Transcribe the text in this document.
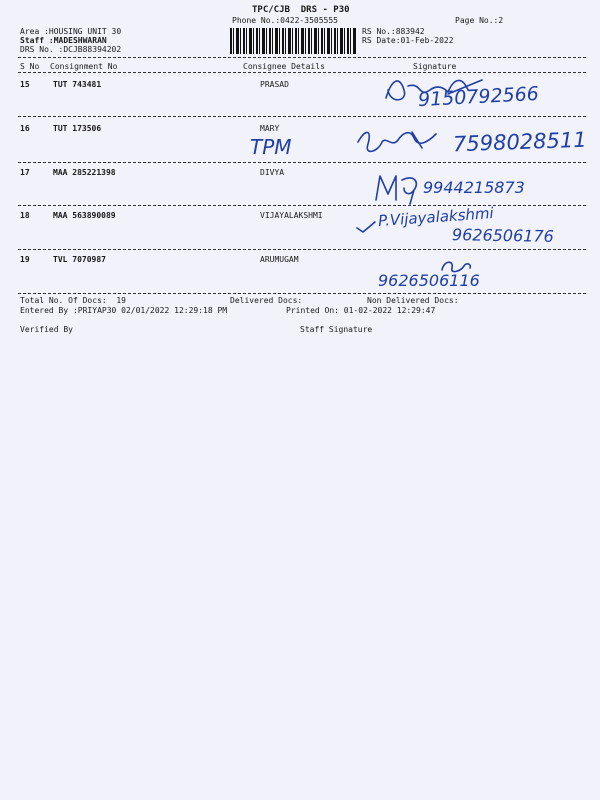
TPC/CJB  DRS - P30
Phone No.:0422-3505555
Area :HOUSING UNIT 30
Staff :MADESHWARAN
DRS No. :DCJB88394202
RS No.:883942
RS Date:01-Feb-2022
Page No.:2
S No Consignment No	Consignee Details	Signature
15	TUT 743481	PRASAD	9150792566
16	TUT 173506	MARY
TPM	7598028511
17	MAA 285221398	DIVYA
9944215873
18	MAA 563890089	VIJAYALAKSHMI	P.Vijayalakshmi
9626506176
19	TVL 7070987	ARUMUGAM
9626506116
Total No. Of Docs:  19	Delivered Docs:	Non Delivered Docs:
Entered By :PRIYAP30 02/01/2022 12:29:18 PM	Printed On: 01-02-2022 12:29:47
Verified By	Staff Signature
